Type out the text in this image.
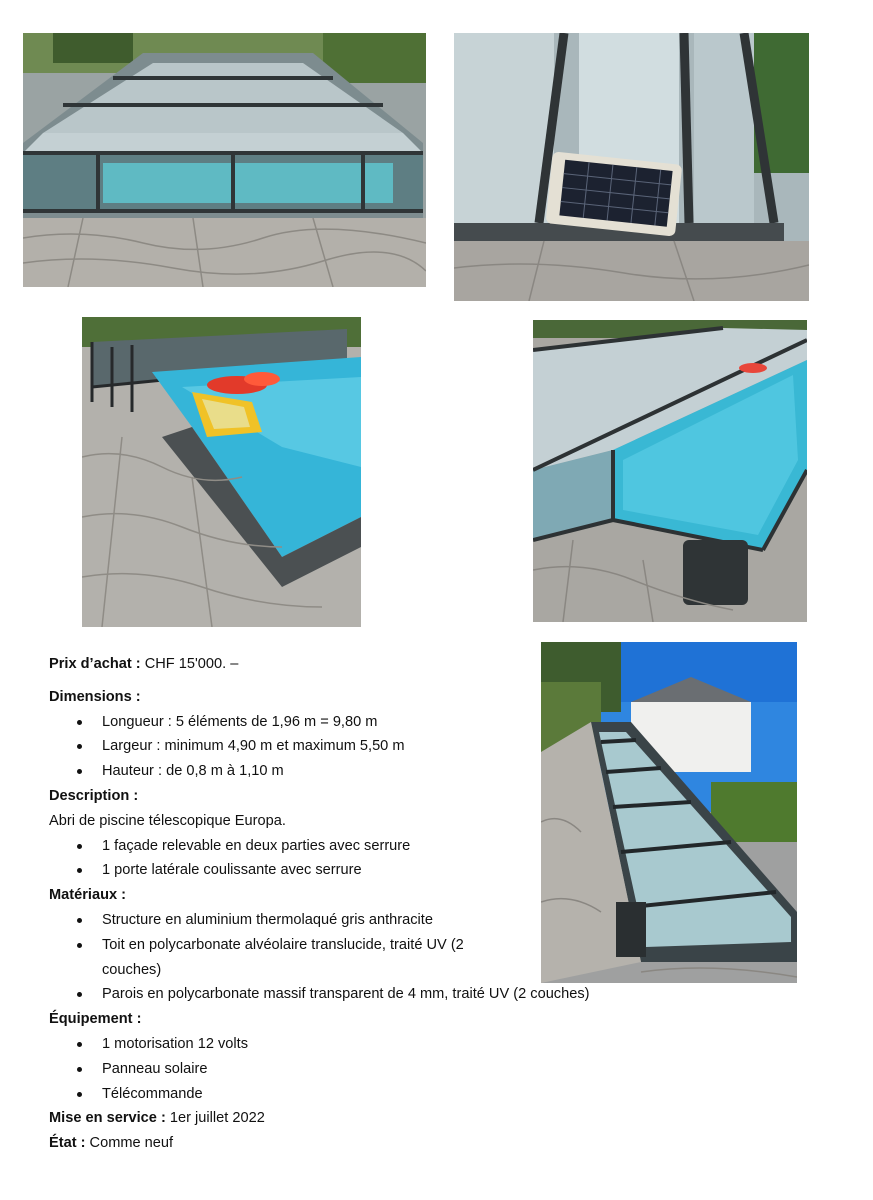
Prix d’achat : CHF 15'000. –

Dimensions :

Longueur : 5 éléments de 1,96 m = 9,80 m
Largeur : minimum 4,90 m et maximum 5,50 m
Hauteur : de 0,8 m à 1,10 m

Description :

Abri de piscine télescopique Europa.

1 façade relevable en deux parties avec serrure
1 porte latérale coulissante avec serrure

Matériaux :

Structure en aluminium thermolaqué gris anthracite
Toit en polycarbonate alvéolaire translucide, traité UV (2 couches)
Parois en polycarbonate massif transparent de 4 mm, traité UV (2 couches)

Équipement :

1 motorisation 12 volts
Panneau solaire
Télécommande

Mise en service : 1er juillet 2022

État : Comme neuf
